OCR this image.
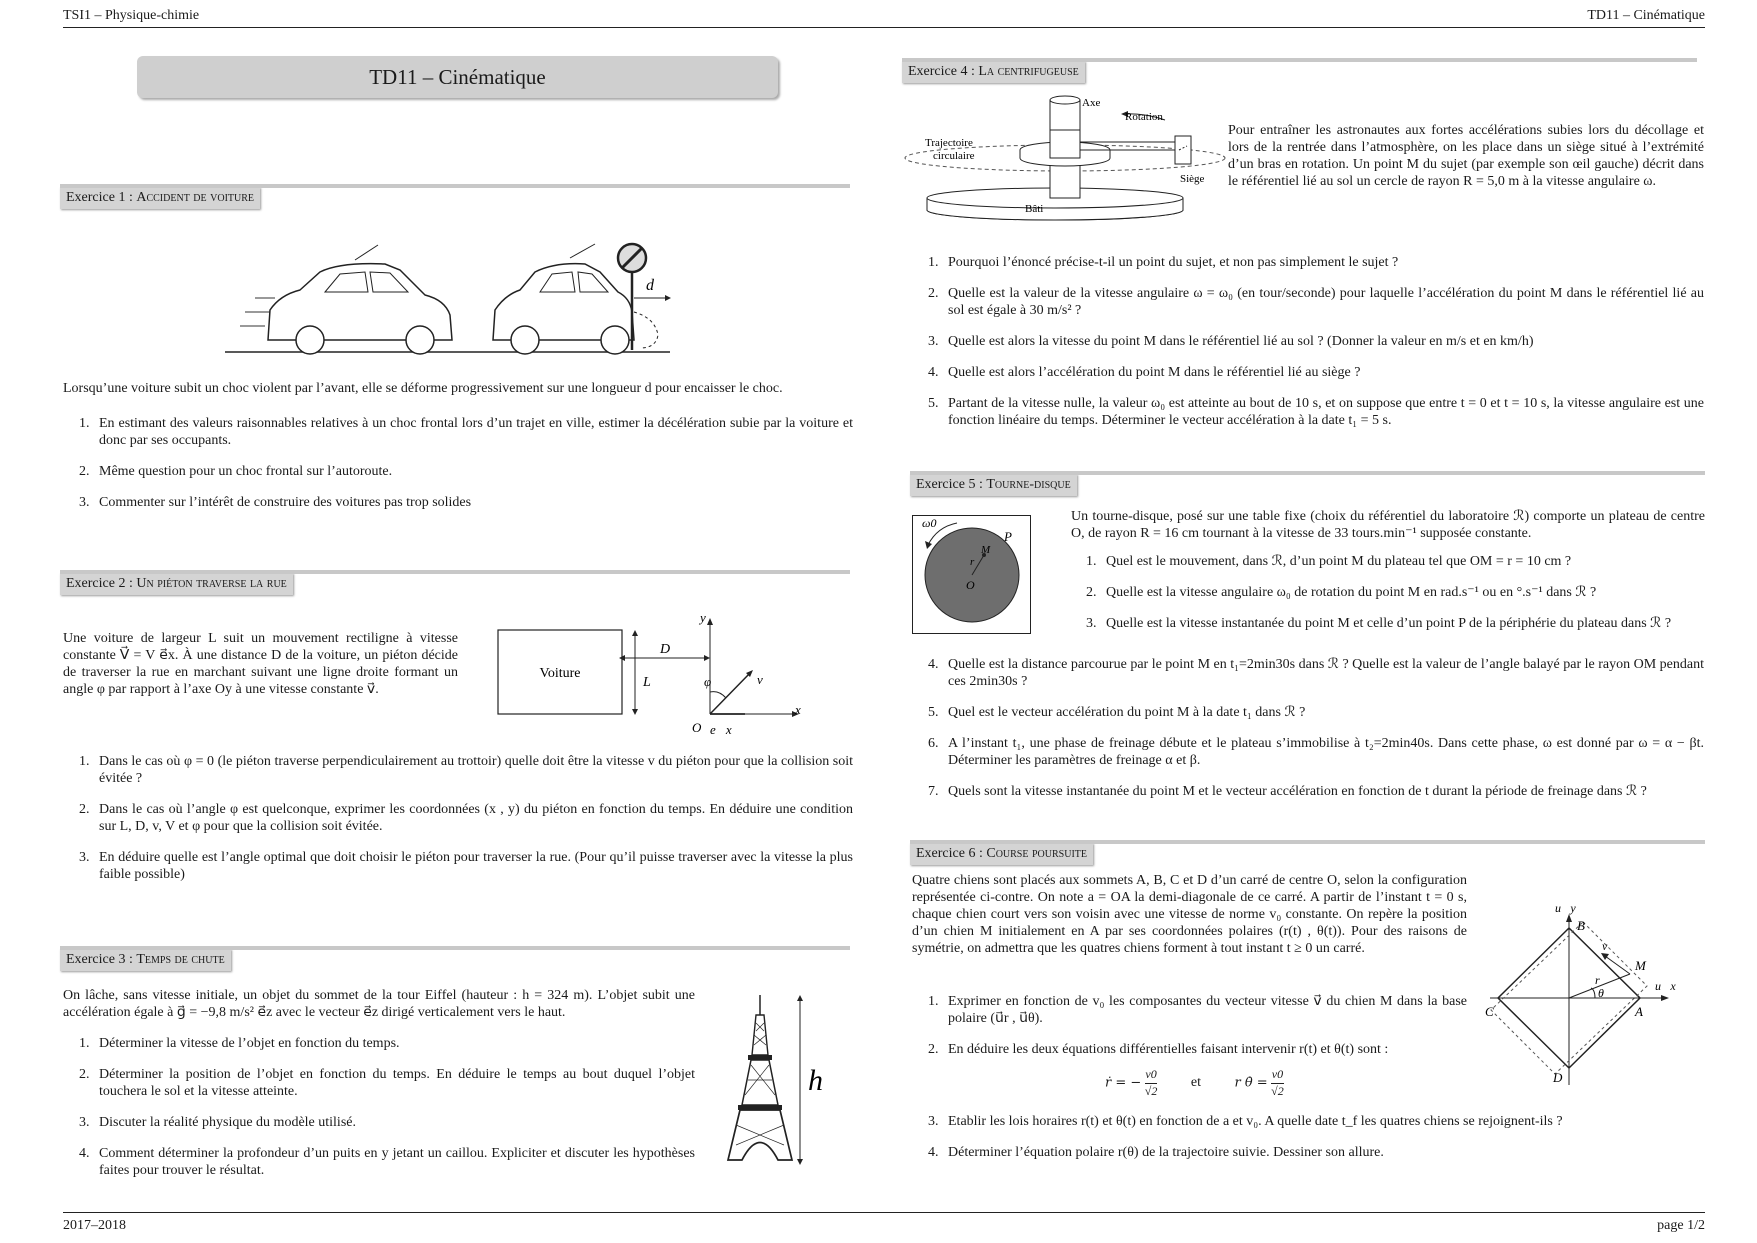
TSI1 – Physique-chimie	TD11 – Cinématique
2017–2018	page 1/2
TD11 – Cinématique
Exercice 1 : Accident de voiture
d
Lorsqu’une voiture subit un choc violent par l’avant, elle se déforme progressivement sur une longueur d pour encaisser le choc.
1. En estimant des valeurs raisonnables relatives à un choc frontal lors d’un trajet en ville, estimer la décélération subie par la voiture et donc par ses occupants.
2. Même question pour un choc frontal sur l’autoroute.
3. Commenter sur l’intérêt de construire des voitures pas trop solides
Exercice 2 : Un piéton traverse la rue
Une voiture de largeur L suit un mouvement rectiligne à vitesse constante V⃗ = V e⃗x. À une distance D de la voiture, un piéton décide de traverser la rue en marchant suivant une ligne droite formant un angle φ par rapport à l’axe Oy à une vitesse constante v⃗.
Voiture
D
L
y
x
e⃗x
v⃗
φ
O
1. Dans le cas où φ = 0 (le piéton traverse perpendiculairement au trottoir) quelle doit être la vitesse v du piéton pour que la collision soit évitée ?
2. Dans le cas où l’angle φ est quelconque, exprimer les coordonnées (x , y) du piéton en fonction du temps. En déduire une condition sur L, D, v, V et φ pour que la collision soit évitée.
3. En déduire quelle est l’angle optimal que doit choisir le piéton pour traverser la rue. (Pour qu’il puisse traverser avec la vitesse la plus faible possible)
Exercice 3 : Temps de chute
On lâche, sans vitesse initiale, un objet du sommet de la tour Eiffel (hauteur : h = 324 m). L’objet subit une accélération égale à g⃗ = −9,8 m/s² e⃗z avec le vecteur e⃗z dirigé verticalement vers le haut.
1. Déterminer la vitesse de l’objet en fonction du temps.
2. Déterminer la position de l’objet en fonction du temps. En déduire le temps au bout duquel l’objet touchera le sol et la vitesse atteinte.
3. Discuter la réalité physique du modèle utilisé.
4. Comment déterminer la profondeur d’un puits en y jetant un caillou. Expliciter et discuter les hypothèses faites pour trouver le résultat.
h
Exercice 4 : La centrifugeuse
Axe
Rotation
Trajectoire
circulaire
Siège
Bâti
Pour entraîner les astronautes aux fortes accélérations subies lors du décollage et lors de la rentrée dans l’atmosphère, on les place dans un siège situé à l’extrémité d’un bras en rotation. Un point M du sujet (par exemple son œil gauche) décrit dans le référentiel lié au sol un cercle de rayon R = 5,0 m à la vitesse angulaire ω.
1. Pourquoi l’énoncé précise-t-il un point du sujet, et non pas simplement le sujet ?
2. Quelle est la valeur de la vitesse angulaire ω = ω₀ (en tour/seconde) pour laquelle l’accélération du point M dans le référentiel lié au sol est égale à 30 m/s² ?
3. Quelle est alors la vitesse du point M dans le référentiel lié au sol ? (Donner la valeur en m/s et en km/h)
4. Quelle est alors l’accélération du point M dans le référentiel lié au siège ?
5. Partant de la vitesse nulle, la valeur ω₀ est atteinte au bout de 10 s, et on suppose que entre t = 0 et t = 10 s, la vitesse angulaire est une fonction linéaire du temps. Déterminer le vecteur accélération à la date t₁ = 5 s.
Exercice 5 : Tourne-disque
ω0
P
M
r
O
Un tourne-disque, posé sur une table fixe (choix du référentiel du laboratoire ℛ) comporte un plateau de centre O, de rayon R = 16 cm tournant à la vitesse de 33 tours.min⁻¹ supposée constante.
1. Quel est le mouvement, dans ℛ, d’un point M du plateau tel que OM = r = 10 cm ?
2. Quelle est la vitesse angulaire ω₀ de rotation du point M en rad.s⁻¹ ou en °.s⁻¹ dans ℛ ?
3. Quelle est la vitesse instantanée du point M et celle d’un point P de la périphérie du plateau dans ℛ ?
4. Quelle est la distance parcourue par le point M en t₁=2min30s dans ℛ ? Quelle est la valeur de l’angle balayé par le rayon OM pendant ces 2min30s ?
5. Quel est le vecteur accélération du point M à la date t₁ dans ℛ ?
6. A l’instant t₁, une phase de freinage débute et le plateau s’immobilise à t₂=2min40s. Dans cette phase, ω est donné par ω = α − βt. Déterminer les paramètres de freinage α et β.
7. Quels sont la vitesse instantanée du point M et le vecteur accélération en fonction de t durant la période de freinage dans ℛ ?
Exercice 6 : Course poursuite
Quatre chiens sont placés aux sommets A, B, C et D d’un carré de centre O, selon la configuration représentée ci-contre. On note a = OA la demi-diagonale de ce carré. A partir de l’instant t = 0 s, chaque chien court vers son voisin avec une vitesse de norme v₀ constante. On repère la position d’un chien M initialement en A par ses coordonnées polaires (r(t) , θ(t)). Pour des raisons de symétrie, on admettra que les quatres chiens forment à tout instant t ≥ 0 un carré.
u⃗y
u⃗x
B
A
C
D
M
v⃗
r
θ
1. Exprimer en fonction de v₀ les composantes du vecteur vitesse v⃗ du chien M dans la base polaire (u⃗r , u⃗θ).
2. En déduire les deux équations différentielles faisant intervenir r(t) et θ(t) sont :
ṙ = − $\frac{v0}{√2}$ et	r θ̇ = $\frac{v0}{√2}$
3. Etablir les lois horaires r(t) et θ(t) en fonction de a et v₀. A quelle date t_f les quatres chiens se rejoignent-ils ?
4. Déterminer l’équation polaire r(θ) de la trajectoire suivie. Dessiner son allure.
